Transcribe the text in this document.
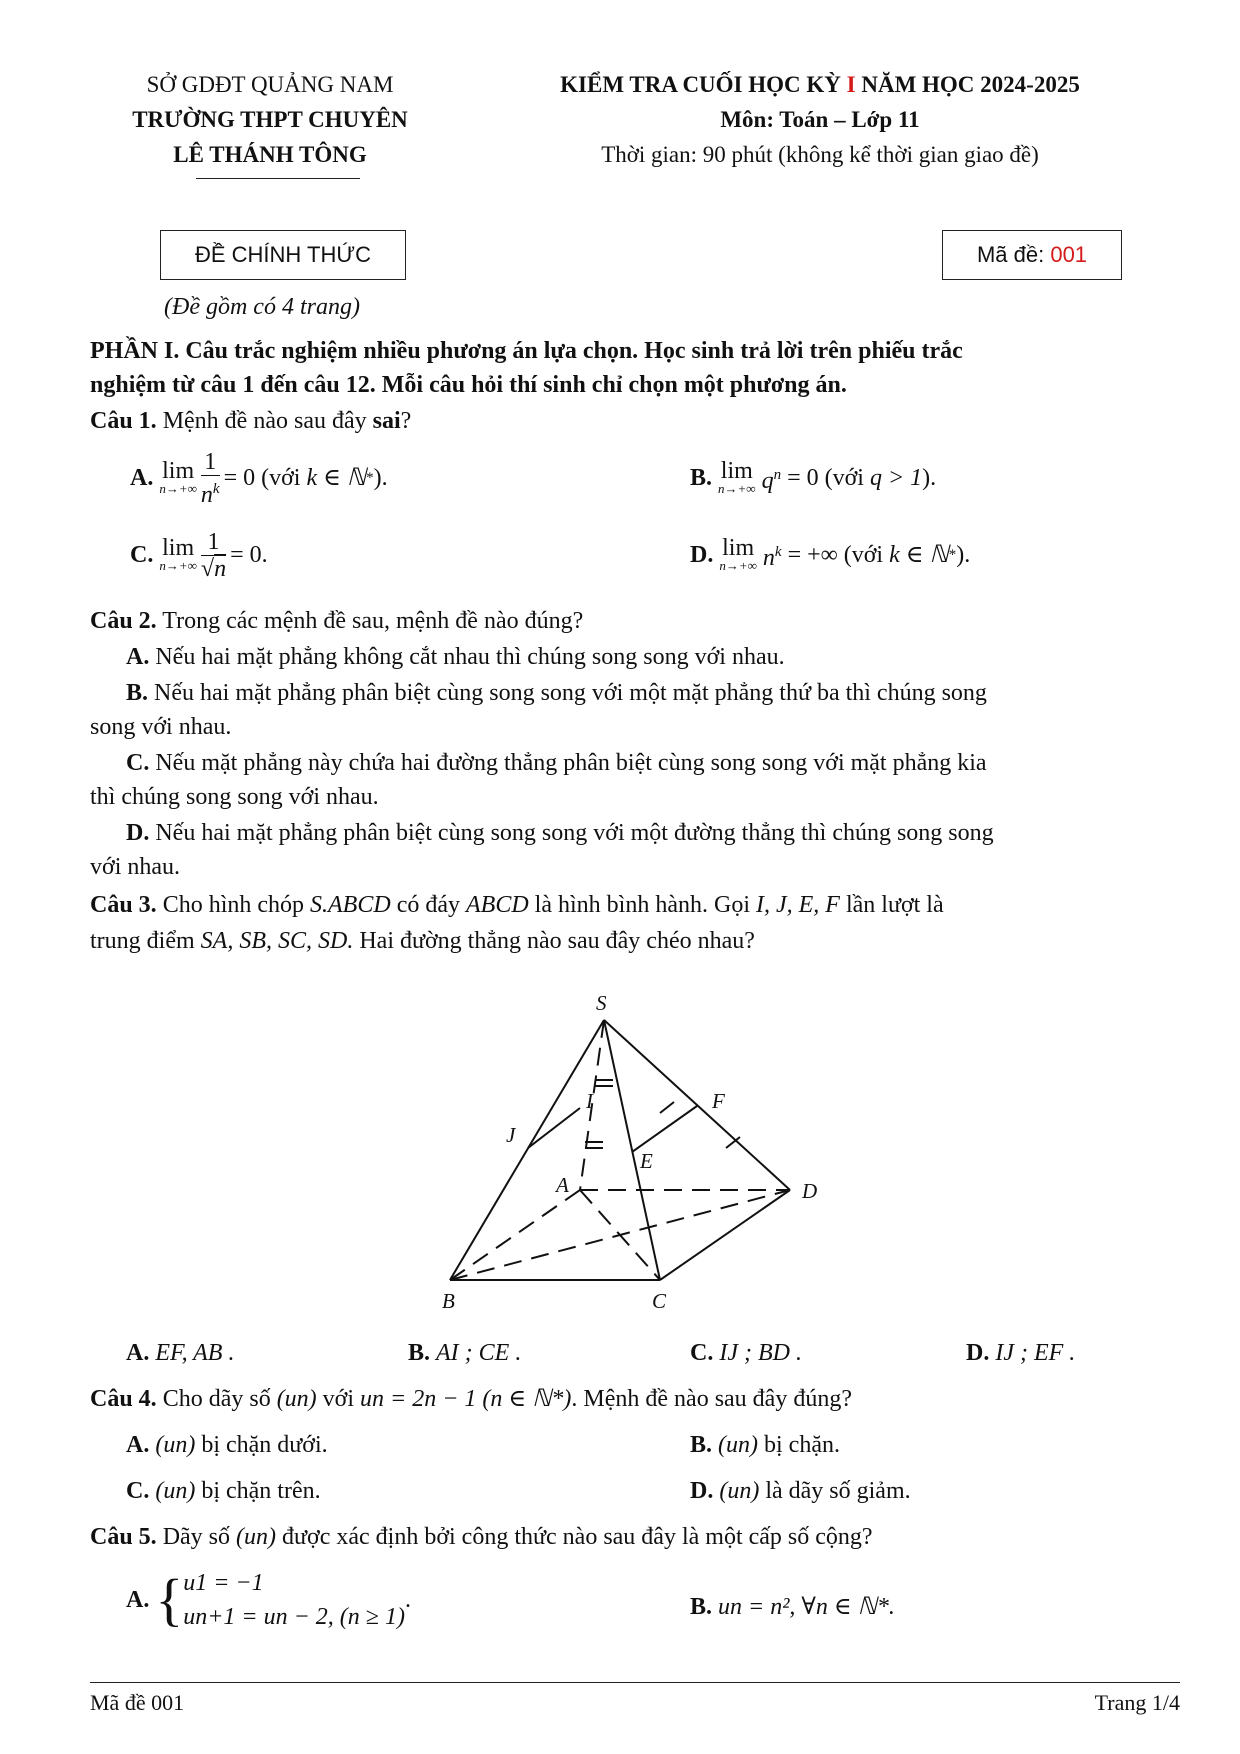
SỞ GDĐT QUẢNG NAM
TRƯỜNG THPT CHUYÊN
LÊ THÁNH TÔNG
KIỂM TRA CUỐI HỌC KỲ I NĂM HỌC 2024-2025
Môn: Toán – Lớp 11
Thời gian: 90 phút (không kể thời gian giao đề)
ĐỀ CHÍNH THỨC	Mã đề: 001
(Đề gồm có 4 trang)
PHẦN I. Câu trắc nghiệm nhiều phương án lựa chọn. Học sinh trả lời trên phiếu trắc
nghiệm từ câu 1 đến câu 12. Mỗi câu hỏi thí sinh chỉ chọn một phương án.
Câu 1. Mệnh đề nào sau đây sai?
A.
lim
$n\to+\infty \frac{1}{n^k} = 0$
(với
k ∈ ℕ * ).	B.
lim
n→+∞
$q^n$
= 0
(với
q > 1 ).
C.
lim
$n\to+\infty \frac{1}{√n} = 0$ .	D.
lim
n→+∞
$n^k$
= +∞
(với
k ∈ ℕ * ).
Câu 2. Trong các mệnh đề sau, mệnh đề nào đúng?
A. Nếu hai mặt phẳng không cắt nhau thì chúng song song với nhau.
B. Nếu hai mặt phẳng phân biệt cùng song song với một mặt phẳng thứ ba thì chúng song
song với nhau.
C. Nếu mặt phẳng này chứa hai đường thẳng phân biệt cùng song song với mặt phẳng kia
thì chúng song song với nhau.
D. Nếu hai mặt phẳng phân biệt cùng song song với một đường thẳng thì chúng song song
với nhau.
Câu 3. Cho hình chóp S.ABCD có đáy ABCD là hình bình hành. Gọi I, J, E, F lần lượt là
trung điểm SA, SB, SC, SD. Hai đường thẳng nào sau đây chéo nhau?
S
I	F
J
E
A	D
B	C
A. EF, AB .	B. AI ; CE .	C. IJ ; BD .	D. IJ ; EF .
Câu 4. Cho dãy số (un) với un = 2n − 1 (n ∈ ℕ*). Mệnh đề nào sau đây đúng?
A. (un) bị chặn dưới.	B. (un) bị chặn.
C. (un) bị chặn trên.	D. (un) là dãy số giảm.
Câu 5. Dãy số (un) được xác định bởi công thức nào sau đây là một cấp số cộng?
A.
{ u1 = −1
un+1 = un − 2, (n ≥ 1)
.	B. un = n², ∀n ∈ ℕ*.
Mã đề 001	Trang 1/4
